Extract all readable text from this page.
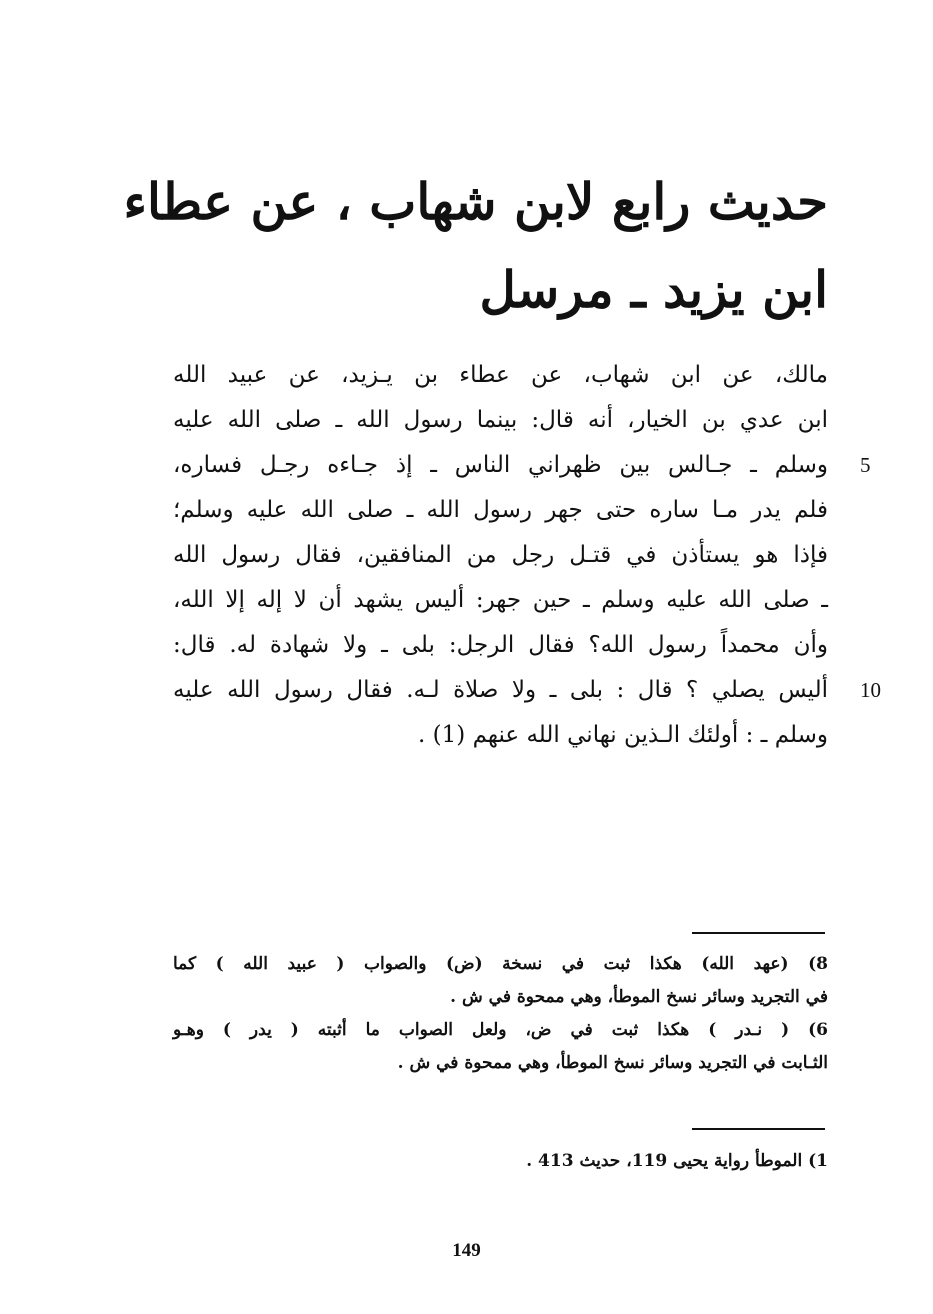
حديث رابع لابن شهاب ، عن عطاء
ابن يزيد ـ مرسل
مالك، عن ابن شهاب، عن عطاء بن يـزيد، عن عبيد الله
ابن عدي بن الخيار، أنه قال: بينما رسول الله ـ صلى الله عليه
وسلم ـ جـالس بين ظهراني الناس ـ إذ جـاءه رجـل فساره،
فلم يدر مـا ساره حتى جهر رسول الله ـ صلى الله عليه وسلم؛
فإذا هو يستأذن في قتـل رجل من المنافقين، فقال رسول الله
ـ صلى الله عليه وسلم ـ حين جهر: أليس يشهد أن لا إله إلا الله،
وأن محمداً رسول الله؟ فقال الرجل: بلى ـ ولا شهادة له. قال:
أليس يصلي ؟ قال : بلى ـ ولا صلاة لـه. فقال رسول الله عليه
وسلم ـ : أولئك الـذين نهاني الله عنهم (1) .
5
10
8) (عهد الله) هكذا ثبت في نسخة (ض) والصواب ( عبيد الله ) كما
في التجريد وسائر نسخ الموطأ، وهي ممحوة في ش .
6) ( نـدر ) هكذا ثبت في ض، ولعل الصواب ما أثبته ( يدر ) وهـو
الثـابت في التجريد وسائر نسخ الموطأ، وهي ممحوة في ش .
1) الموطأ رواية يحيى 119، حديث 413 .
149
